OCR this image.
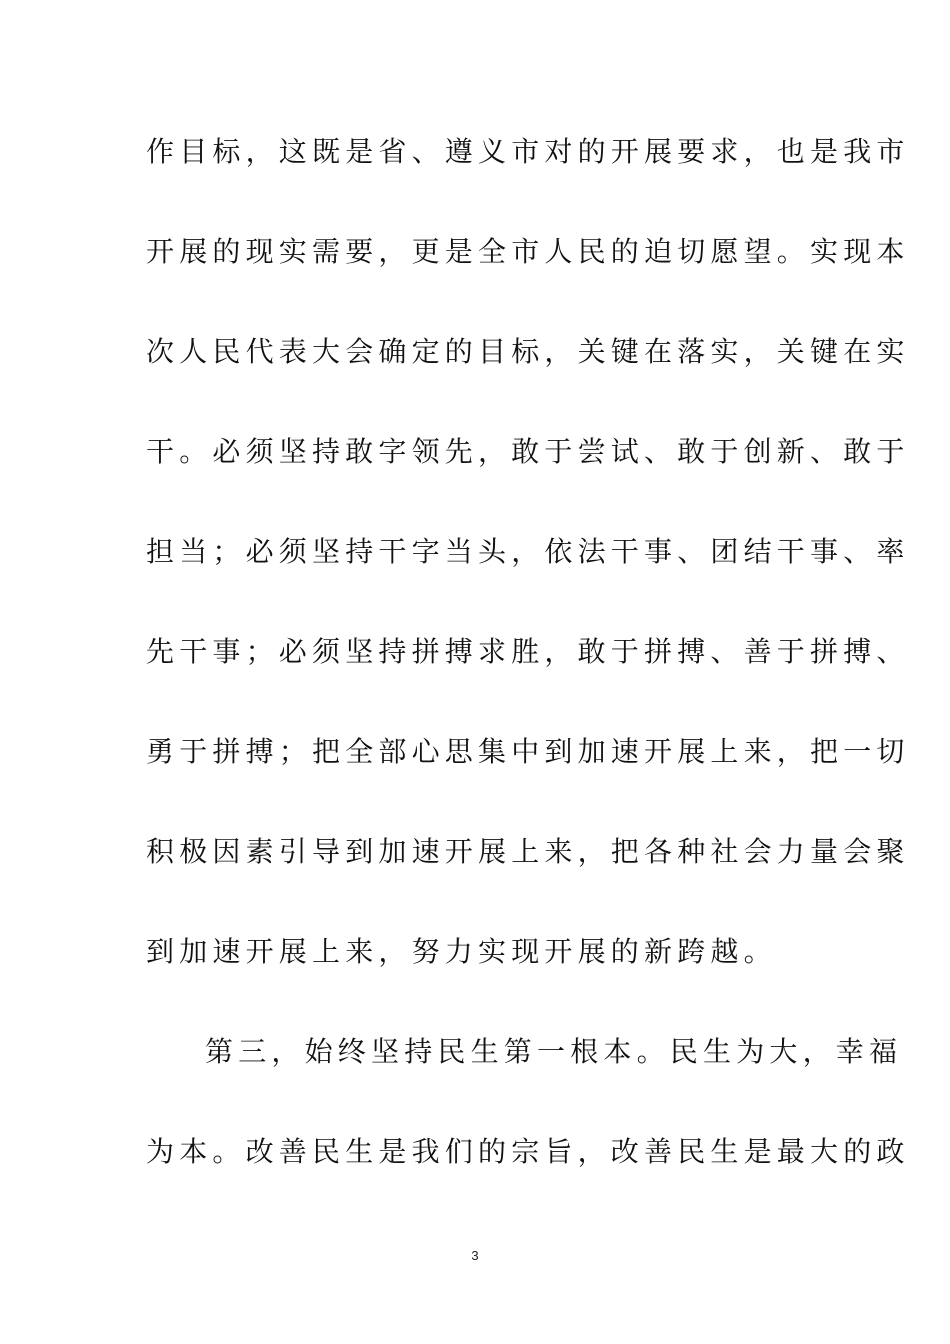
作目标，这既是省、遵义市对的开展要求，也是我市
开展的现实需要，更是全市人民的迫切愿望。实现本
次人民代表大会确定的目标，关键在落实，关键在实
干。必须坚持敢字领先，敢于尝试、敢于创新、敢于
担当；必须坚持干字当头，依法干事、团结干事、率
先干事；必须坚持拼搏求胜，敢于拼搏、善于拼搏、
勇于拼搏；把全部心思集中到加速开展上来，把一切
积极因素引导到加速开展上来，把各种社会力量会聚
到加速开展上来，努力实现开展的新跨越。
第三，始终坚持民生第一根本。民生为大，幸福
为本。改善民生是我们的宗旨，改善民生是最大的政
3
